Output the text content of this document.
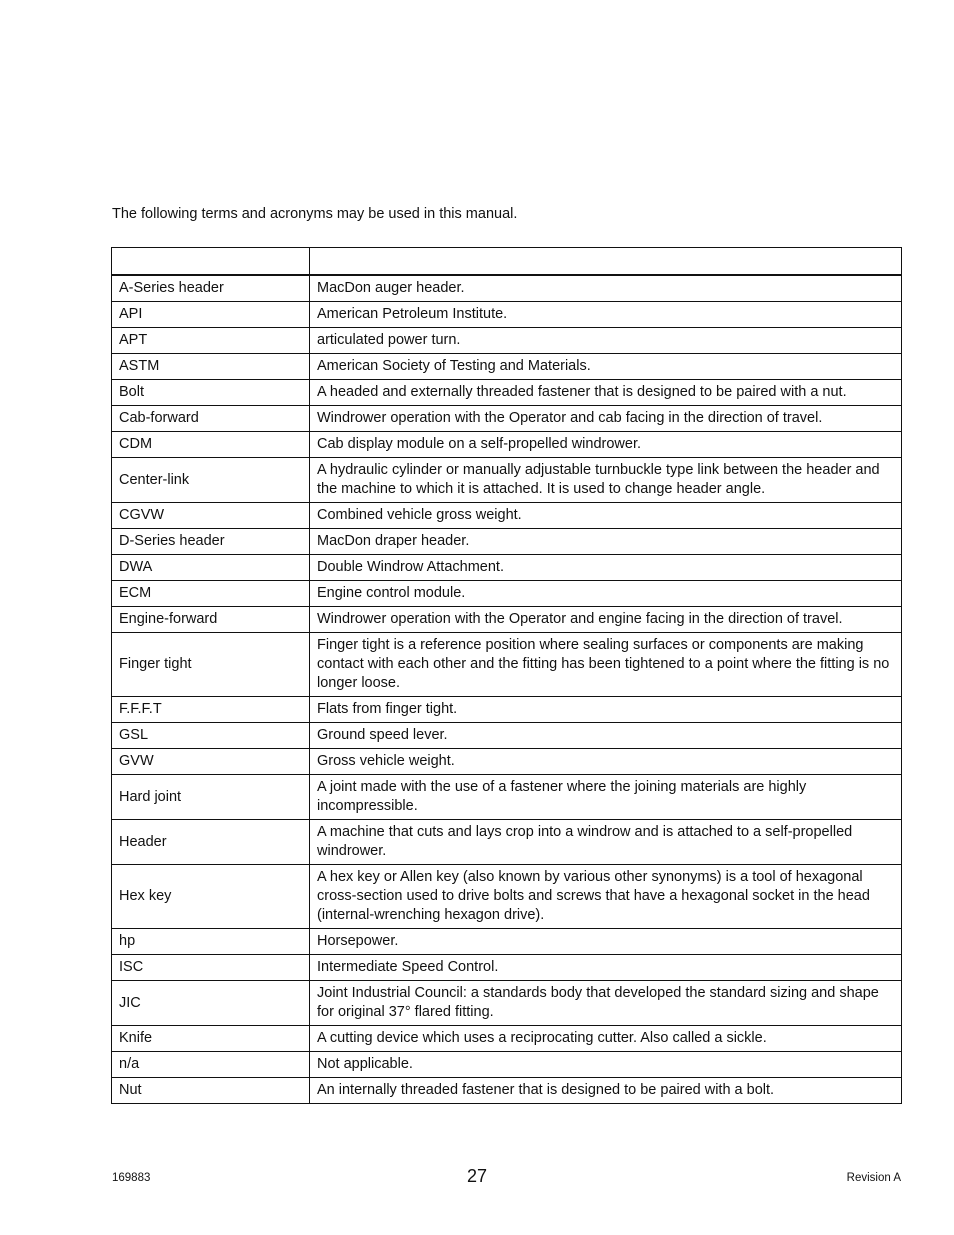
The following terms and acronyms may be used in this manual.

A-Series header	MacDon auger header.
API	American Petroleum Institute.
APT	articulated power turn.
ASTM	American Society of Testing and Materials.
Bolt	A headed and externally threaded fastener that is designed to be paired with a nut.
Cab-forward	Windrower operation with the Operator and cab facing in the direction of travel.
CDM	Cab display module on a self-propelled windrower.
Center-link	A hydraulic cylinder or manually adjustable turnbuckle type link between the header and the machine to which it is attached. It is used to change header angle.
CGVW	Combined vehicle gross weight.
D-Series header	MacDon draper header.
DWA	Double Windrow Attachment.
ECM	Engine control module.
Engine-forward	Windrower operation with the Operator and engine facing in the direction of travel.
Finger tight	Finger tight is a reference position where sealing surfaces or components are making contact with each other and the fitting has been tightened to a point where the fitting is no longer loose.
F.F.F.T	Flats from finger tight.
GSL	Ground speed lever.
GVW	Gross vehicle weight.
Hard joint	A joint made with the use of a fastener where the joining materials are highly incompressible.
Header	A machine that cuts and lays crop into a windrow and is attached to a self-propelled windrower.
Hex key	A hex key or Allen key (also known by various other synonyms) is a tool of hexagonal cross-section used to drive bolts and screws that have a hexagonal socket in the head (internal-wrenching hexagon drive).
hp	Horsepower.
ISC	Intermediate Speed Control.
JIC	Joint Industrial Council: a standards body that developed the standard sizing and shape for original 37° flared fitting.
Knife	A cutting device which uses a reciprocating cutter. Also called a sickle.
n/a	Not applicable.
Nut	An internally threaded fastener that is designed to be paired with a bolt.
169883	27	Revision A
